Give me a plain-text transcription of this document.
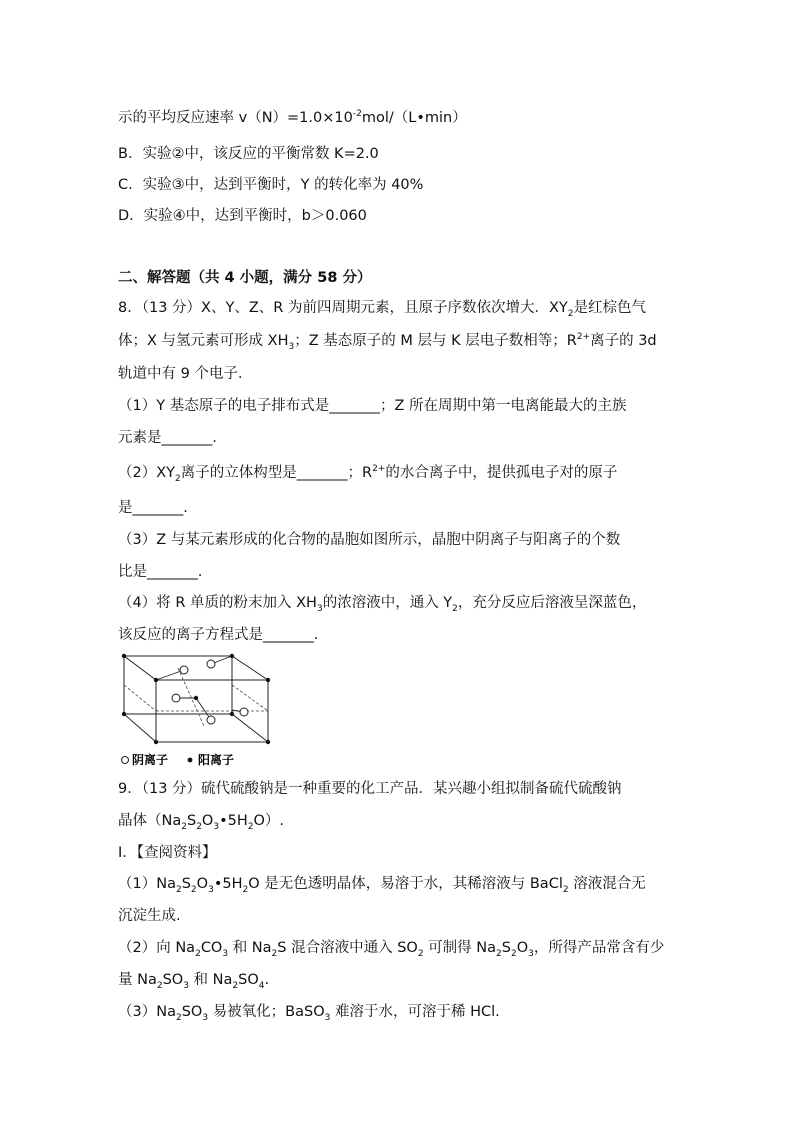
示的平均反应速率 $v(N)=1.0\times 10^{-2}mol/(L•\min)$
B．实验②中，该反应的平衡常数 K=2.0
C．实验③中，达到平衡时，Y 的转化率为 40%
D．实验④中，达到平衡时，b＞0.060
二、解答题（共 4 小题，满分 58 分）
8．（13 分）X、Y、Z、R 为前四周期元素，且原子序数依次增大．$XY_2$是红棕色气
体；X 与氢元素可形成 $XH_3$；Z 基态原子的 M 层与 K 层电子数相等；$R^{2+}$离子的 3d
轨道中有 9 个电子．
（1）Y 基态原子的电子排布式是_______；Z 所在周期中第一电离能最大的主族
元素是_______.
$(2)XY_2$离子的立体构型是_______；$R^{2+}$的水合离子中，提供孤电子对的原子
是_______.
（3）Z 与某元素形成的化合物的晶胞如图所示，晶胞中阴离子与阳离子的个数
比是_______.
（4）将 R 单质的粉末加入 $XH_3$的浓溶液中，通入 $Y_2$，充分反应后溶液呈深蓝色，
该反应的离子方程式是_______.
阴离子 阳离子
9．（13 分）硫代硫酸钠是一种重要的化工产品．某兴趣小组拟制备硫代硫酸钠
晶体$(Na_2S_2O_3•5H_2O)$.
Ⅰ．【查阅资料】
$(1)Na_2S_2O_3•5H_2O$ 是无色透明晶体，易溶于水，其稀溶液与 BaCl$_2$ 溶液混合无
沉淀生成.
（2）向 $Na_2CO_3$ 和 $Na_2S$ 混合溶液中通入 $SO_2$ 可制得 $Na_2S_2O_3$，所得产品常含有少
量 $Na_2SO_3$ 和 $Na_2SO_4$.
$(3)Na_2SO_3$ 易被氧化；BaSO$_3$ 难溶于水，可溶于稀 HCl.
